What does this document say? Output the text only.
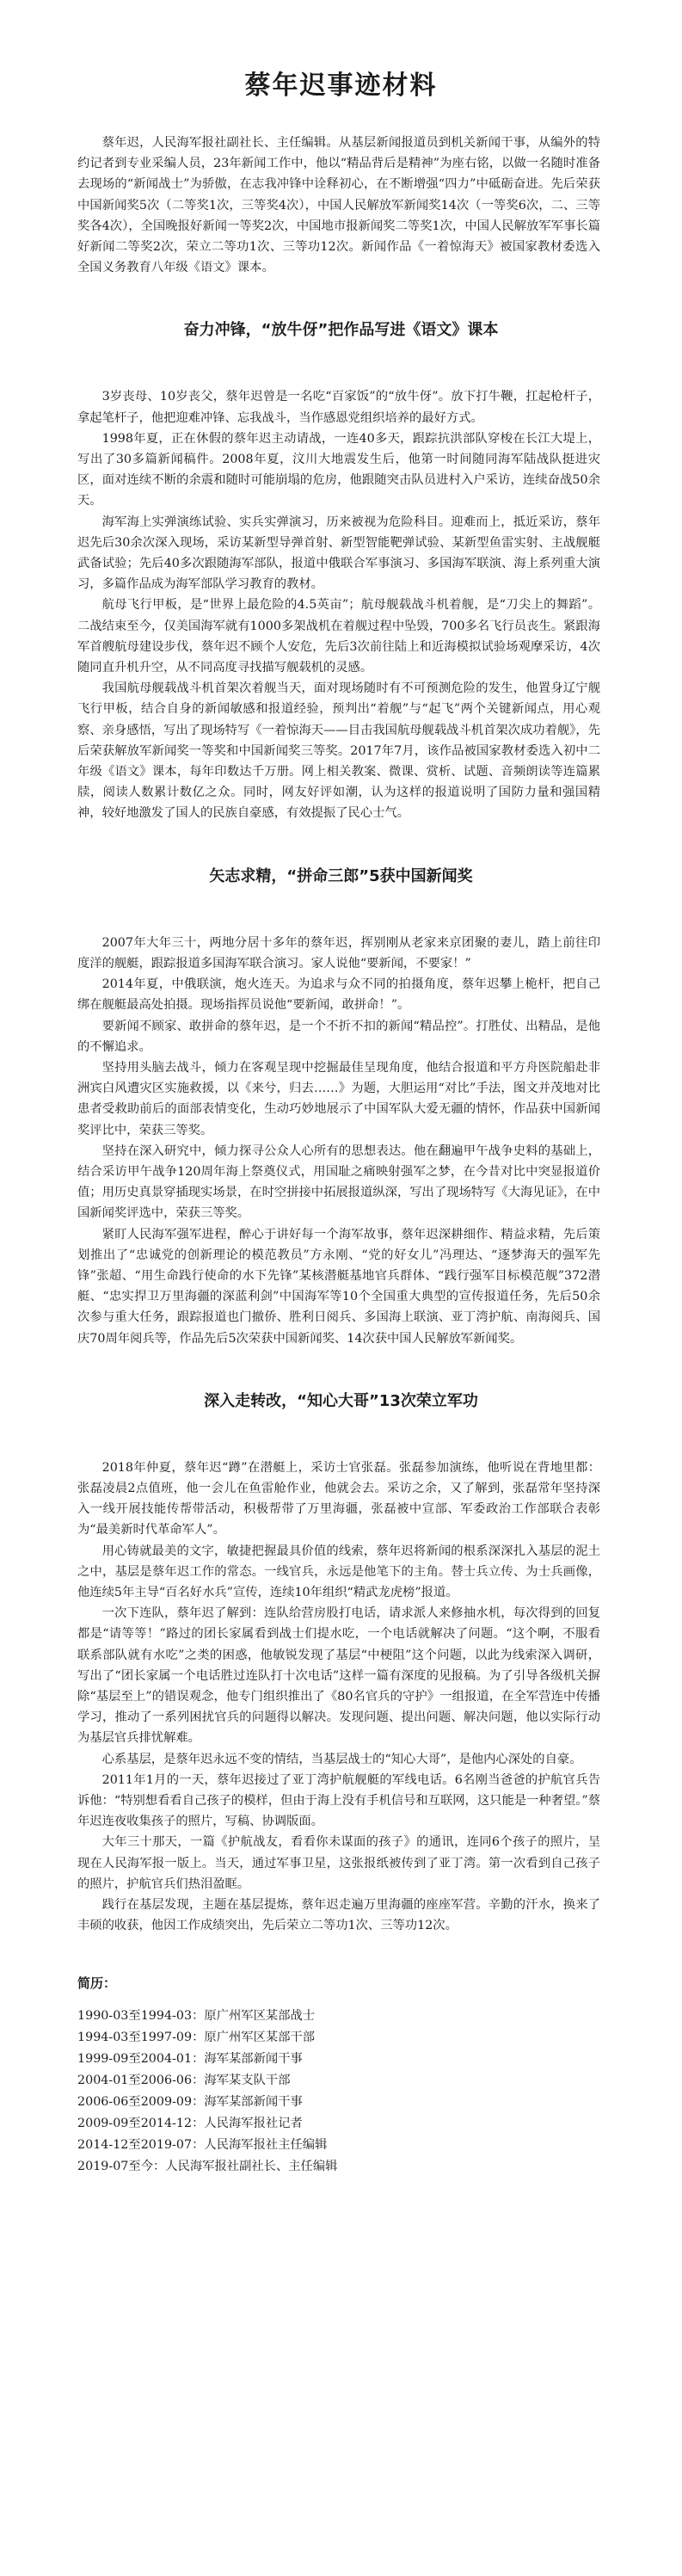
蔡年迟事迹材料

蔡年迟，人民海军报社副社长、主任编辑。从基层新闻报道员到机关新闻干事，从编外的特约记者到专业采编人员，23年新闻工作中，他以“精品背后是精神”为座右铭，以做一名随时准备去现场的“新闻战士”为骄傲，在志我冲锋中诠释初心，在不断增强“四力”中砥砺奋进。先后荣获中国新闻奖5次（二等奖1次，三等奖4次），中国人民解放军新闻奖14次（一等奖6次，二、三等奖各4次），全国晚报好新闻一等奖2次，中国地市报新闻奖二等奖1次，中国人民解放军军事长篇好新闻二等奖2次，荣立二等功1次、三等功12次。新闻作品《一着惊海天》被国家教材委选入全国义务教育八年级《语文》课本。

奋力冲锋，“放牛伢”把作品写进《语文》课本

3岁丧母、10岁丧父，蔡年迟曾是一名吃“百家饭”的“放牛伢”。放下打牛鞭，扛起枪杆子，拿起笔杆子，他把迎难冲锋、忘我战斗，当作感恩党组织培养的最好方式。

1998年夏，正在休假的蔡年迟主动请战，一连40多天，跟踪抗洪部队穿梭在长江大堤上，写出了30多篇新闻稿件。2008年夏，汶川大地震发生后，他第一时间随同海军陆战队挺进灾区，面对连续不断的余震和随时可能崩塌的危房，他跟随突击队员进村入户采访，连续奋战50余天。

海军海上实弹演练试验、实兵实弹演习，历来被视为危险科目。迎难而上，抵近采访，蔡年迟先后30余次深入现场，采访某新型导弹首射、新型智能靶弹试验、某新型鱼雷实射、主战舰艇武备试验；先后40多次跟随海军部队，报道中俄联合军事演习、多国海军联演、海上系列重大演习，多篇作品成为海军部队学习教育的教材。

航母飞行甲板，是“世界上最危险的4.5英亩”；航母舰载战斗机着舰，是“刀尖上的舞蹈”。二战结束至今，仅美国海军就有1000多架战机在着舰过程中坠毁，700多名飞行员丧生。紧跟海军首艘航母建设步伐，蔡年迟不顾个人安危，先后3次前往陆上和近海模拟试验场观摩采访，4次随同直升机升空，从不同高度寻找描写舰载机的灵感。

我国航母舰载战斗机首架次着舰当天，面对现场随时有不可预测危险的发生，他置身辽宁舰飞行甲板，结合自身的新闻敏感和报道经验，预判出“着舰”与“起飞”两个关键新闻点，用心观察、亲身感悟，写出了现场特写《一着惊海天——目击我国航母舰载战斗机首架次成功着舰》，先后荣获解放军新闻奖一等奖和中国新闻奖三等奖。2017年7月，该作品被国家教材委选入初中二年级《语文》课本，每年印数达千万册。网上相关教案、微课、赏析、试题、音频朗读等连篇累牍，阅读人数累计数亿之众。同时，网友好评如潮，认为这样的报道说明了国防力量和强国精神，较好地激发了国人的民族自豪感，有效提振了民心士气。

矢志求精，“拼命三郎”5获中国新闻奖

2007年大年三十，两地分居十多年的蔡年迟，挥别刚从老家来京团聚的妻儿，踏上前往印度洋的舰艇，跟踪报道多国海军联合演习。家人说他“要新闻，不要家！”

2014年夏，中俄联演，炮火连天。为追求与众不同的拍摄角度，蔡年迟攀上桅杆，把自己绑在舰艇最高处拍摄。现场指挥员说他“要新闻，敢拼命！”。

要新闻不顾家、敢拼命的蔡年迟，是一个不折不扣的新闻“精品控”。打胜仗、出精品，是他的不懈追求。

坚持用头脑去战斗，倾力在客观呈现中挖掘最佳呈现角度，他结合报道和平方舟医院船赴非洲宾白风遭灾区实施救援，以《来兮，归去……》为题，大胆运用“对比”手法，图文并茂地对比患者受救助前后的面部表情变化，生动巧妙地展示了中国军队大爱无疆的情怀，作品获中国新闻奖评比中，荣获三等奖。

坚持在深入研究中，倾力探寻公众人心所有的思想表达。他在翻遍甲午战争史料的基础上，结合采访甲午战争120周年海上祭奠仪式，用国耻之痛映射强军之梦，在今昔对比中突显报道价值；用历史真景穿插现实场景，在时空拼接中拓展报道纵深，写出了现场特写《大海见证》，在中国新闻奖评选中，荣获三等奖。

紧盯人民海军强军进程，醉心于讲好每一个海军故事，蔡年迟深耕细作、精益求精，先后策划推出了“忠诚党的创新理论的模范教员”方永刚、“党的好女儿”冯理达、“逐梦海天的强军先锋”张超、“用生命践行使命的水下先锋”某核潜艇基地官兵群体、“践行强军目标模范舰”372潜艇、“忠实捍卫万里海疆的深蓝利剑”中国海军等10个全国重大典型的宣传报道任务，先后50余次参与重大任务，跟踪报道也门撤侨、胜利日阅兵、多国海上联演、亚丁湾护航、南海阅兵、国庆70周年阅兵等，作品先后5次荣获中国新闻奖、14次获中国人民解放军新闻奖。

深入走转改，“知心大哥”13次荣立军功

2018年仲夏，蔡年迟“蹲”在潜艇上，采访士官张磊。张磊参加演练，他听说在背地里都：张磊凌晨2点值班，他一会儿在鱼雷舱作业，他就会去。采访之余，又了解到，张磊常年坚持深入一线开展技能传帮带活动，积极帮带了万里海疆，张磊被中宣部、军委政治工作部联合表彰为“最美新时代革命军人”。

用心铸就最美的文字，敏捷把握最具价值的线索，蔡年迟将新闻的根系深深扎入基层的泥土之中，基层是蔡年迟工作的常态。一线官兵，永远是他笔下的主角。替士兵立传、为士兵画像，他连续5年主导“百名好水兵”宣传，连续10年组织“精武龙虎榜”报道。

一次下连队，蔡年迟了解到：连队给营房股打电话，请求派人来修抽水机，每次得到的回复都是“请等等！”路过的团长家属看到战士们提水吃，一个电话就解决了问题。“这个啊，不服看联系部队就有水吃”之类的困惑，他敏锐发现了基层“中梗阻”这个问题，以此为线索深入调研，写出了“团长家属一个电话胜过连队打十次电话”这样一篇有深度的见报稿。为了引导各级机关摒除“基层至上”的错误观念，他专门组织推出了《80名官兵的守护》一组报道，在全军营连中传播学习，推动了一系列困扰官兵的问题得以解决。发现问题、提出问题、解决问题，他以实际行动为基层官兵排忧解难。

心系基层，是蔡年迟永远不变的情结，当基层战士的“知心大哥”，是他内心深处的自豪。

2011年1月的一天，蔡年迟接过了亚丁湾护航舰艇的军线电话。6名刚当爸爸的护航官兵告诉他：“特别想看看自己孩子的模样，但由于海上没有手机信号和互联网，这只能是一种奢望。”蔡年迟连夜收集孩子的照片，写稿、协调版面。

大年三十那天，一篇《护航战友，看看你未谋面的孩子》的通讯，连同6个孩子的照片，呈现在人民海军报一版上。当天，通过军事卫星，这张报纸被传到了亚丁湾。第一次看到自己孩子的照片，护航官兵们热泪盈眶。

践行在基层发现，主题在基层提炼，蔡年迟走遍万里海疆的座座军营。辛勤的汗水，换来了丰硕的收获，他因工作成绩突出，先后荣立二等功1次、三等功12次。

简历：

1990-03至1994-03：原广州军区某部战士

1994-03至1997-09：原广州军区某部干部

1999-09至2004-01：海军某部新闻干事

2004-01至2006-06：海军某支队干部

2006-06至2009-09：海军某部新闻干事

2009-09至2014-12：人民海军报社记者

2014-12至2019-07：人民海军报社主任编辑

2019-07至今：人民海军报社副社长、主任编辑
